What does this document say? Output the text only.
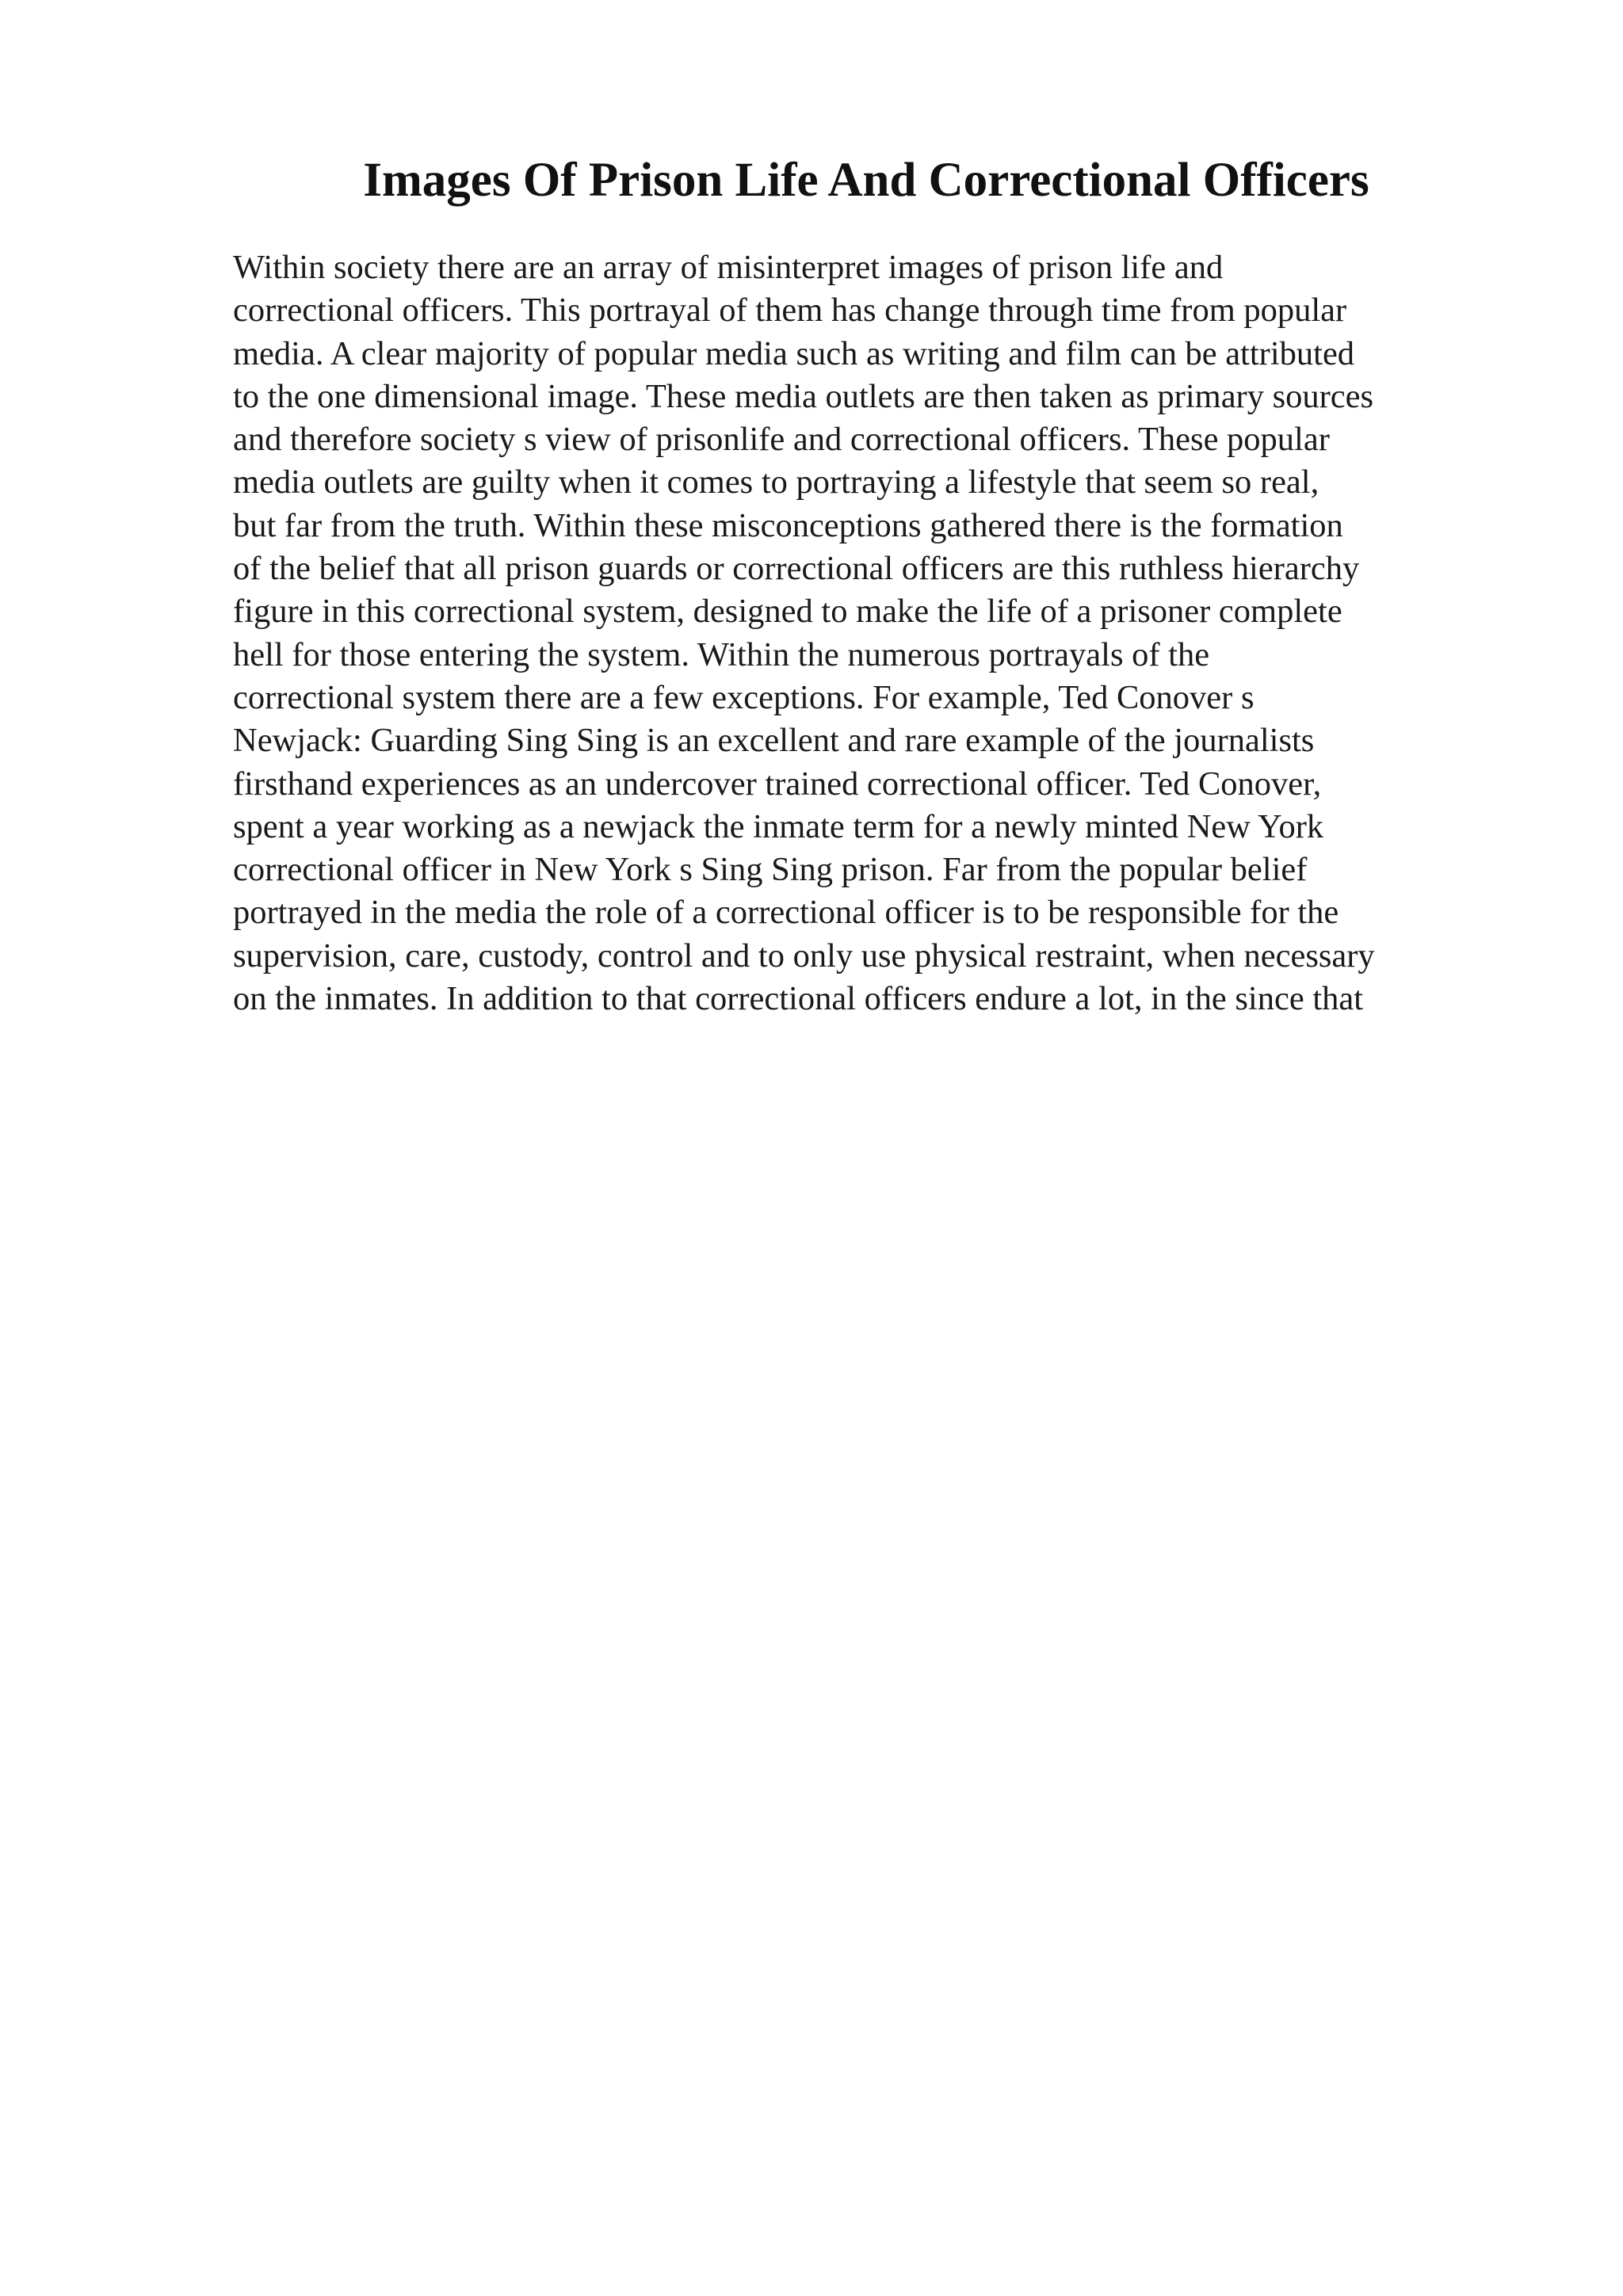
Images Of Prison Life And Correctional Officers
Within society there are an array of misinterpret images of prison life and
correctional officers. This portrayal of them has change through time from popular
media. A clear majority of popular media such as writing and film can be attributed
to the one dimensional image. These media outlets are then taken as primary sources
and therefore society s view of prisonlife and correctional officers. These popular
media outlets are guilty when it comes to portraying a lifestyle that seem so real,
but far from the truth. Within these misconceptions gathered there is the formation
of the belief that all prison guards or correctional officers are this ruthless hierarchy
figure in this correctional system, designed to make the life of a prisoner complete
hell for those entering the system. Within the numerous portrayals of the
correctional system there are a few exceptions. For example, Ted Conover s
Newjack: Guarding Sing Sing is an excellent and rare example of the journalists
firsthand experiences as an undercover trained correctional officer. Ted Conover,
spent a year working as a newjack the inmate term for a newly minted New York
correctional officer in New York s Sing Sing prison. Far from the popular belief
portrayed in the media the role of a correctional officer is to be responsible for the
supervision, care, custody, control and to only use physical restraint, when necessary
on the inmates. In addition to that correctional officers endure a lot, in the since that
